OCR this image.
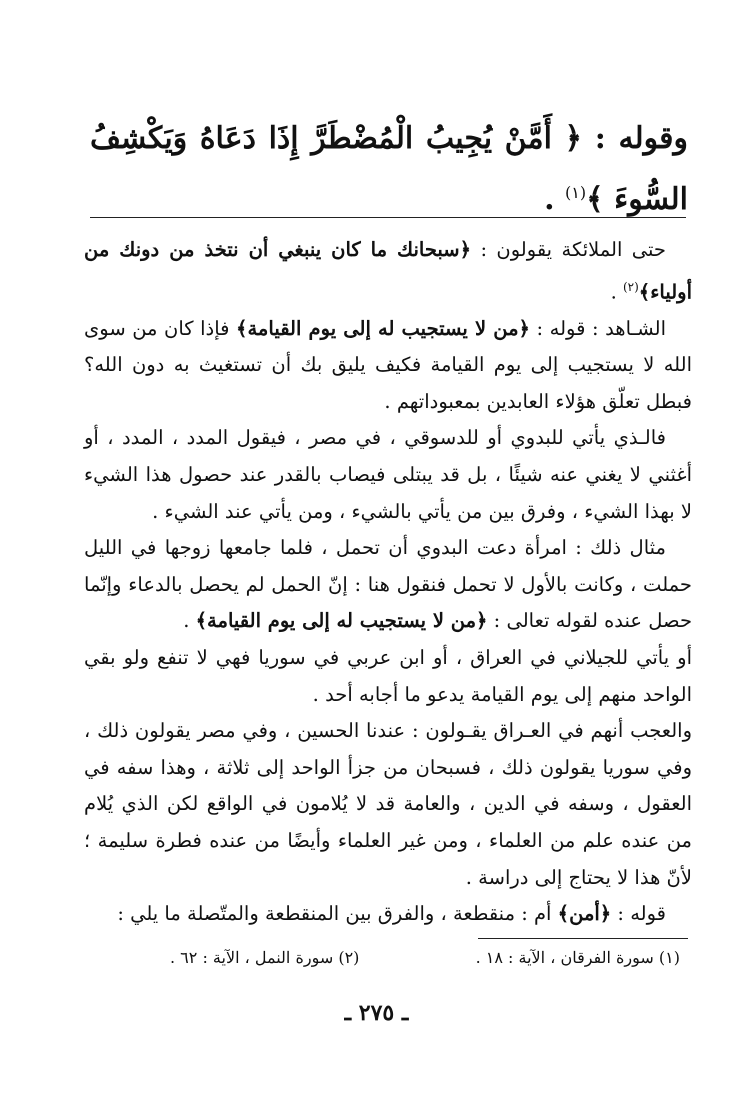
وقوله : ﴿ أَمَّنْ يُجِيبُ الْمُضْطَرَّ إِذَا دَعَاهُ وَيَكْشِفُ السُّوءَ ﴾$^{(١)}$ .

حتى الملائكة يقولون : ﴿سبحانك ما كان ينبغي أن نتخذ من دونك من أولياء﴾$^{(٢)}$ .

الشـاهد : قوله : ﴿من لا يستجيب له إلى يوم القيامة﴾ فإذا كان من سوى الله لا يستجيب إلى يوم القيامة فكيف يليق بك أن تستغيث به دون الله؟ فبطل تعلّق هؤلاء العابدين بمعبوداتهم .

فالـذي يأتي للبدوي أو للدسوقي ، في مصر ، فيقول المدد ، المدد ، أو أغثني لا يغني عنه شيئًا ، بل قد يبتلى فيصاب بالقدر عند حصول هذا الشيء لا بهذا الشيء ، وفرق بين من يأتي بالشيء ، ومن يأتي عند الشيء .

مثال ذلك : امرأة دعت البدوي أن تحمل ، فلما جامعها زوجها في الليل حملت ، وكانت بالأول لا تحمل فنقول هنا : إنّ الحمل لم يحصل بالدعاء وإنّما حصل عنده لقوله تعالى : ﴿من لا يستجيب له إلى يوم القيامة﴾ .

أو يأتي للجيلاني في العراق ، أو ابن عربي في سوريا فهي لا تنفع ولو بقي الواحد منهم إلى يوم القيامة يدعو ما أجابه أحد .

والعجب أنهم في العـراق يقـولون : عندنا الحسين ، وفي مصر يقولون ذلك ، وفي سوريا يقولون ذلك ، فسبحان من جزأ الواحد إلى ثلاثة ، وهذا سفه في العقول ، وسفه في الدين ، والعامة قد لا يُلامون في الواقع لكن الذي يُلام من عنده علم من العلماء ، ومن غير العلماء وأيضًا من عنده فطرة سليمة ؛ لأنّ هذا لا يحتاج إلى دراسة .

قوله : ﴿أمن﴾ أم : منقطعة ، والفرق بين المنقطعة والمتّصلة ما يلي :

(١) سورة الفرقان ، الآية : ١٨ .
(٢) سورة النمل ، الآية : ٦٢ .
ـ ٢٧٥ ـ
